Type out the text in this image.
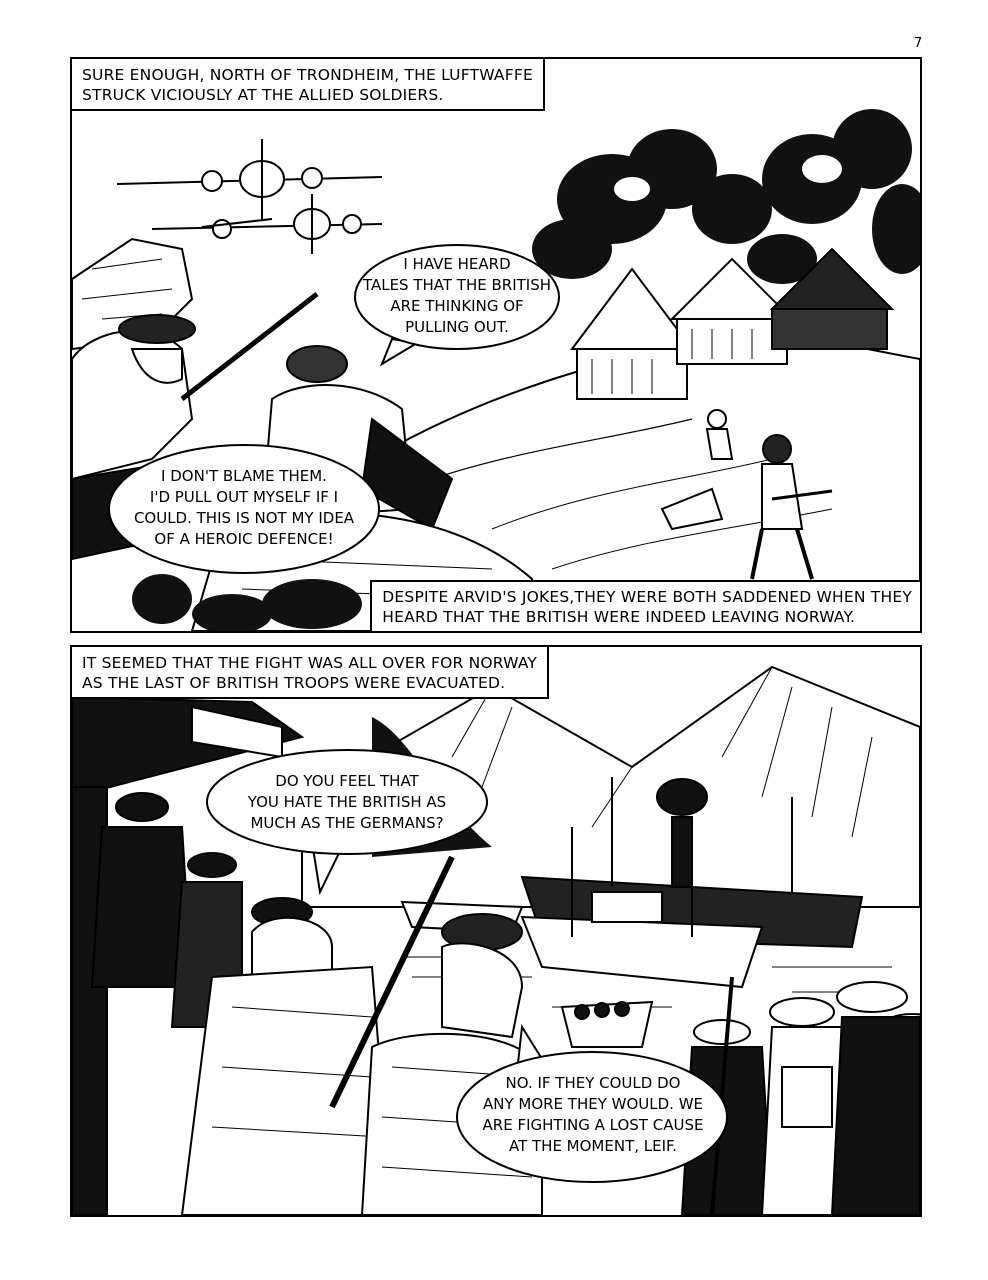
7
SURE ENOUGH, NORTH OF TRONDHEIM, THE LUFTWAFFE
STRUCK VICIOUSLY AT THE ALLIED SOLDIERS.
I HAVE HEARD
TALES THAT THE BRITISH
ARE THINKING OF
PULLING OUT.
I DON'T BLAME THEM.
I'D PULL OUT MYSELF IF I
COULD. THIS IS NOT MY IDEA
OF A HEROIC DEFENCE!
DESPITE ARVID'S JOKES,THEY WERE BOTH SADDENED WHEN THEY
HEARD THAT THE BRITISH WERE INDEED LEAVING NORWAY.
IT SEEMED THAT THE FIGHT WAS ALL OVER FOR NORWAY
AS THE LAST OF BRITISH TROOPS WERE EVACUATED.
DO YOU FEEL THAT
YOU HATE THE BRITISH AS
MUCH AS THE GERMANS?
NO. IF THEY COULD DO
ANY MORE THEY WOULD. WE
ARE FIGHTING A LOST CAUSE
AT THE MOMENT, LEIF.
